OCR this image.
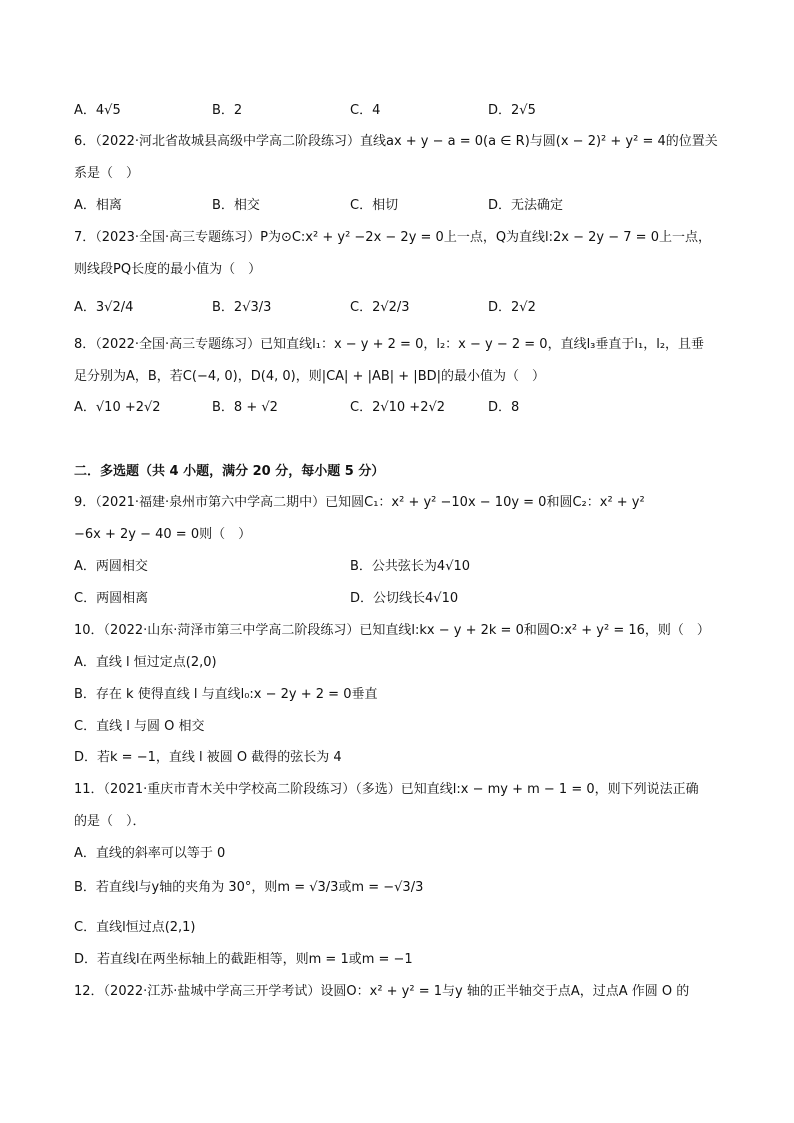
A．4√5	B．2	C．4	D．2√5
6．（2022·河北省故城县高级中学高二阶段练习）直线ax + y − a = 0(a ∈ R)与圆(x − 2)² + y² = 4的位置关
系是（　）
A．相离	B．相交	C．相切	D．无法确定
7．（2023·全国·高三专题练习）P为⊙C:x² + y² −2x − 2y = 0上一点，Q为直线l:2x − 2y − 7 = 0上一点，
则线段PQ长度的最小值为（　）
A．3√2/4	B．2√3/3	C．2√2/3	D．2√2
8．（2022·全国·高三专题练习）已知直线l₁：x − y + 2 = 0，l₂：x − y − 2 = 0，直线l₃垂直于l₁，l₂，且垂
足分别为A，B，若C(−4, 0)，D(4, 0)，则|CA| + |AB| + |BD|的最小值为（　）
A．√10 +2√2	B．8 + √2	C．2√10 +2√2	D．8
二．多选题（共 4 小题，满分 20 分，每小题 5 分）
9．（2021·福建·泉州市第六中学高二期中）已知圆C₁：x² + y² −10x − 10y = 0和圆C₂：x² + y²
−6x + 2y − 40 = 0则（　）
A．两圆相交	B．公共弦长为4√10
C．两圆相离	D．公切线长4√10
10．（2022·山东·菏泽市第三中学高二阶段练习）已知直线l:kx − y + 2k = 0和圆O:x² + y² = 16，则（　）
A．直线 l 恒过定点(2,0)
B．存在 k 使得直线 l 与直线l₀:x − 2y + 2 = 0垂直
C．直线 l 与圆 O 相交
D．若k = −1，直线 l 被圆 O 截得的弦长为 4
11．（2021·重庆市青木关中学校高二阶段练习）（多选）已知直线l:x − my + m − 1 = 0，则下列说法正确
的是（　）．
A．直线的斜率可以等于 0
B．若直线l与y轴的夹角为 30°，则m = √3/3或m = −√3/3
C．直线l恒过点(2,1)
D．若直线l在两坐标轴上的截距相等，则m = 1或m = −1
12．（2022·江苏·盐城中学高三开学考试）设圆O：x² + y² = 1与y 轴的正半轴交于点A，过点A 作圆 O 的
